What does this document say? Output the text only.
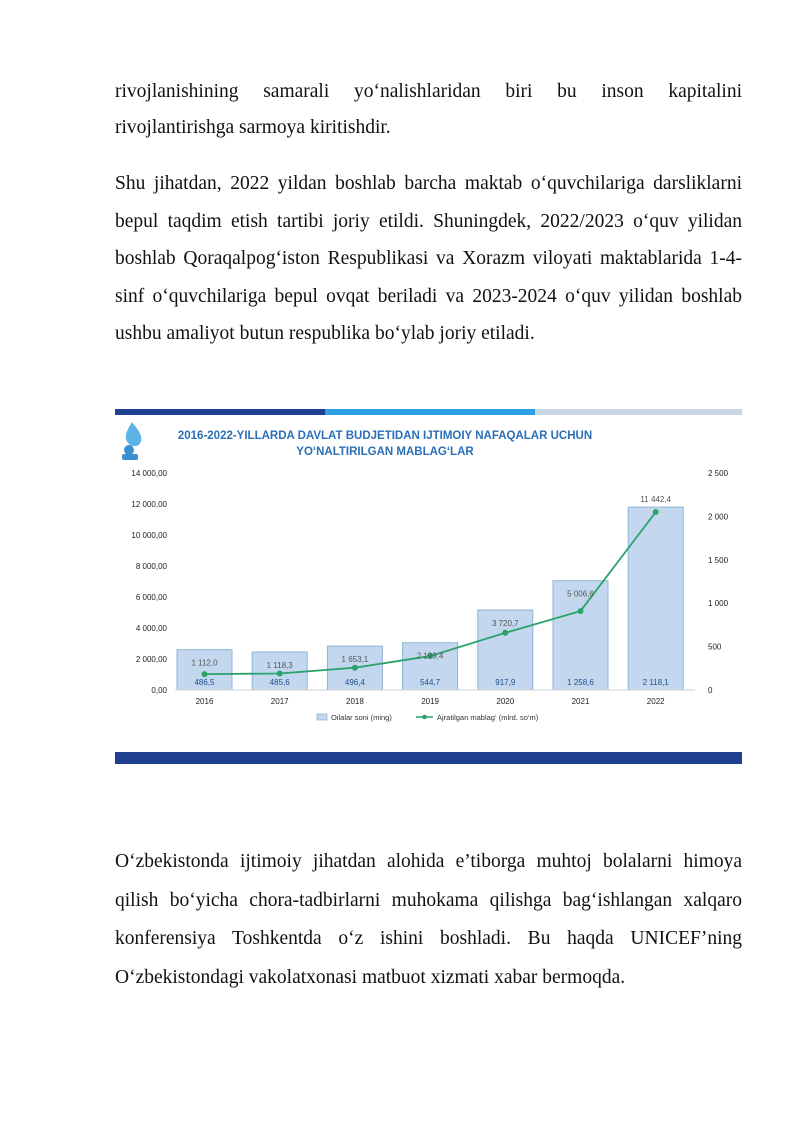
rivojlanishining samarali yo‘nalishlaridan biri bu inson kapitalini rivojlantirishga sarmoya kiritishdir.

Shu jihatdan, 2022 yildan boshlab barcha maktab o‘quvchilariga darsliklarni bepul taqdim etish tartibi joriy etildi. Shuningdek, 2022/2023 o‘quv yilidan boshlab Qoraqalpog‘iston Respublikasi va Xorazm viloyati maktablarida 1-4-sinf o‘quvchilariga bepul ovqat beriladi va 2023-2024 o‘quv yilidan boshlab ushbu amaliyot butun respublika bo‘ylab joriy etiladi.

2016-2022-YILLARDA DAVLAT BUDJETIDAN IJTIMOIY NAFAQALAR UCHUN
YO‘NALTIRILGAN MABLAG‘LAR
0,00
2 000,00
4 000,00
6 000,00
8 000,00
10 000,00
12 000,00
14 000,00
0
500
1 000
1 500
2 000
2 500
1 112,0
486,5
2016
1 118,3
485,6
2017
1 653,1
496,4
2018
2 199,4
544,7
2019
3 720,7
917,9
2020
5 006,6
1 258,6
2021
11 442,4
2 118,1
2022
Oilalar soni (ming)	Ajratilgan mablag‘ (mlrd. so‘m)

O‘zbekistonda ijtimoiy jihatdan alohida e’tiborga muhtoj bolalarni himoya qilish bo‘yicha chora-tadbirlarni muhokama qilishga bag‘ishlangan xalqaro konferensiya Toshkentda o‘z ishini boshladi. Bu haqda UNICEF’ning O‘zbekistondagi vakolatxonasi matbuot xizmati xabar bermoqda.
